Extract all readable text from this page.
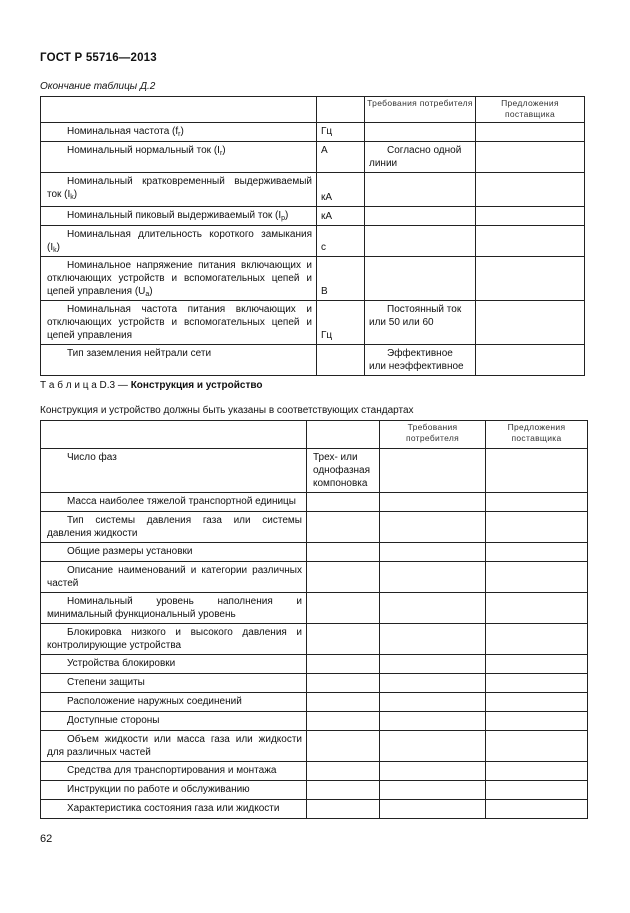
ГОСТ Р 55716—2013
Окончание таблицы Д.2
		Требования потребителя	Предложения поставщика
Номинальная частота $(f_r)$	Гц		
Номинальный нормальный ток $(I_r)$	А	Согласно одной линии	
Номинальный кратковременный выдерживаемый ток $(I_k)$	кА		
Номинальный пиковый выдерживаемый ток $(I_p)$	кА		
Номинальная длительность короткого замыкания $(I_k)$	с		
Номинальное напряжение питания включающих и отключающих устройств и вспомогательных цепей и цепей управления $(U_a)$	В		
Номинальная частота питания включающих и отключающих устройств и вспомогательных цепей и цепей управления	Гц	Постоянный ток или 50 или 60	
Тип заземления нейтрали сети		Эффективное или неэффективное	
Т а б л и ц а D.3 — Конструкция и устройство
Конструкция и устройство должны быть указаны в соответствующих стандартах
		Требования потребителя	Предложения поставщика
Число фаз	Трех- или однофазная компоновка		
Масса наиболее тяжелой транспортной единицы			
Тип системы давления газа или системы давления жидкости			
Общие размеры установки			
Описание наименований и категории различных частей			
Номинальный уровень наполнения и минимальный функциональный уровень			
Блокировка низкого и высокого давления и контролирующие устройства			
Устройства блокировки			
Степени защиты			
Расположение наружных соединений			
Доступные стороны			
Объем жидкости или масса газа или жидкости для различных частей			
Средства для транспортирования и монтажа			
Инструкции по работе и обслуживанию			
Характеристика состояния газа или жидкости			
62
